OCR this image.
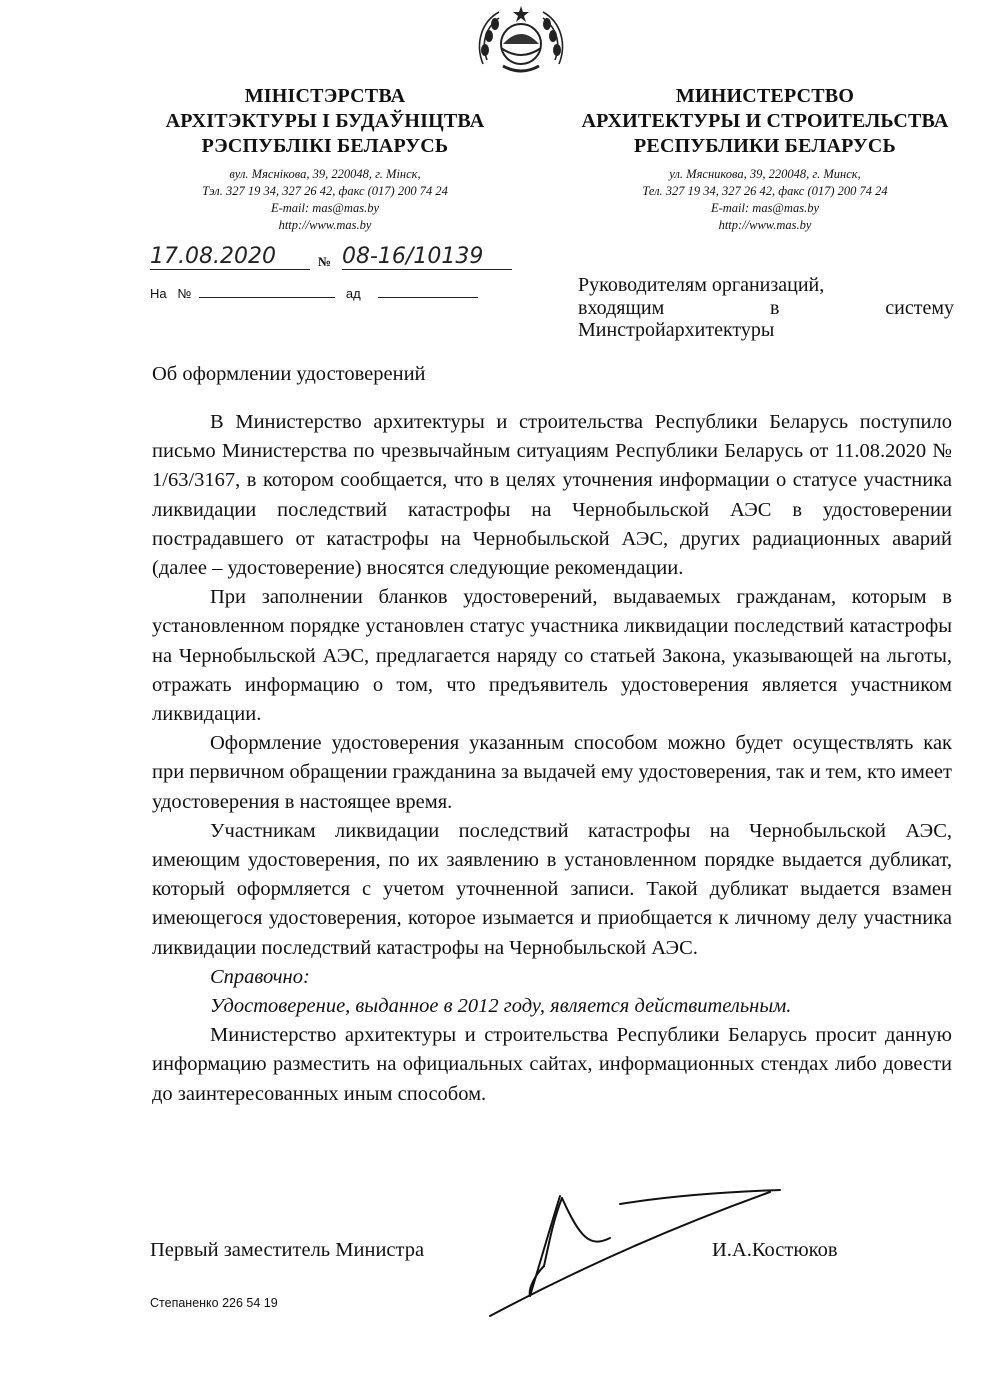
МІНІСТЭРСТВА
АРХІТЭКТУРЫ І БУДАЎНІЦТВА
РЭСПУБЛІКІ БЕЛАРУСЬ
вул. Мяснікова, 39, 220048, г. Мінск,
Тэл. 327 19 34, 327 26 42, факс (017) 200 74 24
E-mail: mas@mas.by
http://www.mas.by
МИНИСТЕРСТВО
АРХИТЕКТУРЫ И СТРОИТЕЛЬСТВА
РЕСПУБЛИКИ БЕЛАРУСЬ
ул. Мясникова, 39, 220048, г. Минск,
Тел. 327 19 34, 327 26 42, факс (017) 200 74 24
E-mail: mas@mas.by
http://www.mas.by
17.08.2020	№ 08-16/10139
На №	ад	Руководителям организаций,
входящим в систему
Минстройархитектуры
Об оформлении удостоверений

В Министерство архитектуры и строительства Республики Беларусь поступило письмо Министерства по чрезвычайным ситуациям Республики Беларусь от 11.08.2020 № 1/63/3167, в котором сообщается, что в целях уточнения информации о статусе участника ликвидации последствий катастрофы на Чернобыльской АЭС в удостоверении пострадавшего от катастрофы на Чернобыльской АЭС, других радиационных аварий (далее – удостоверение) вносятся следующие рекомендации.

При заполнении бланков удостоверений, выдаваемых гражданам, которым в установленном порядке установлен статус участника ликвидации последствий катастрофы на Чернобыльской АЭС, предлагается наряду со статьей Закона, указывающей на льготы, отражать информацию о том, что предъявитель удостоверения является участником ликвидации.

Оформление удостоверения указанным способом можно будет осуществлять как при первичном обращении гражданина за выдачей ему удостоверения, так и тем, кто имеет удостоверения в настоящее время.

Участникам ликвидации последствий катастрофы на Чернобыльской АЭС, имеющим удостоверения, по их заявлению в установленном порядке выдается дубликат, который оформляется с учетом уточненной записи. Такой дубликат выдается взамен имеющегося удостоверения, которое изымается и приобщается к личному делу участника ликвидации последствий катастрофы на Чернобыльской АЭС.

Справочно:

Удостоверение, выданное в 2012 году, является действительным.

Министерство архитектуры и строительства Республики Беларусь просит данную информацию разместить на официальных сайтах, информационных стендах либо довести до заинтересованных иным способом.

Первый заместитель Министра	И.А.Костюков
Степаненко 226 54 19
